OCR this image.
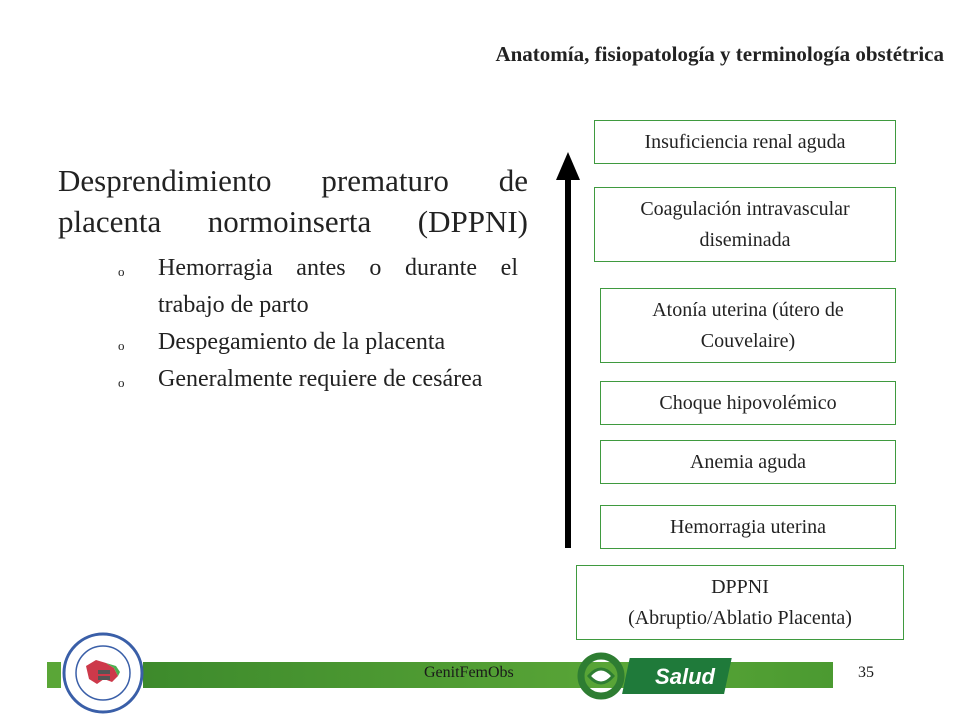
Anatomía, fisiopatología y terminología obstétrica
Desprendimiento prematuro de placenta normoinserta (DPPNI)
o Hemorragia antes o durante el trabajo de parto
o Despegamiento de la placenta
o Generalmente requiere de cesárea
Insuficiencia renal aguda
Coagulación intravascular diseminada
Atonía uterina (útero de Couvelaire)
Choque hipovolémico
Anemia aguda
Hemorragia uterina
DPPNI
(Abruptio/Ablatio Placenta)
GenitFemObs	35
Salud
